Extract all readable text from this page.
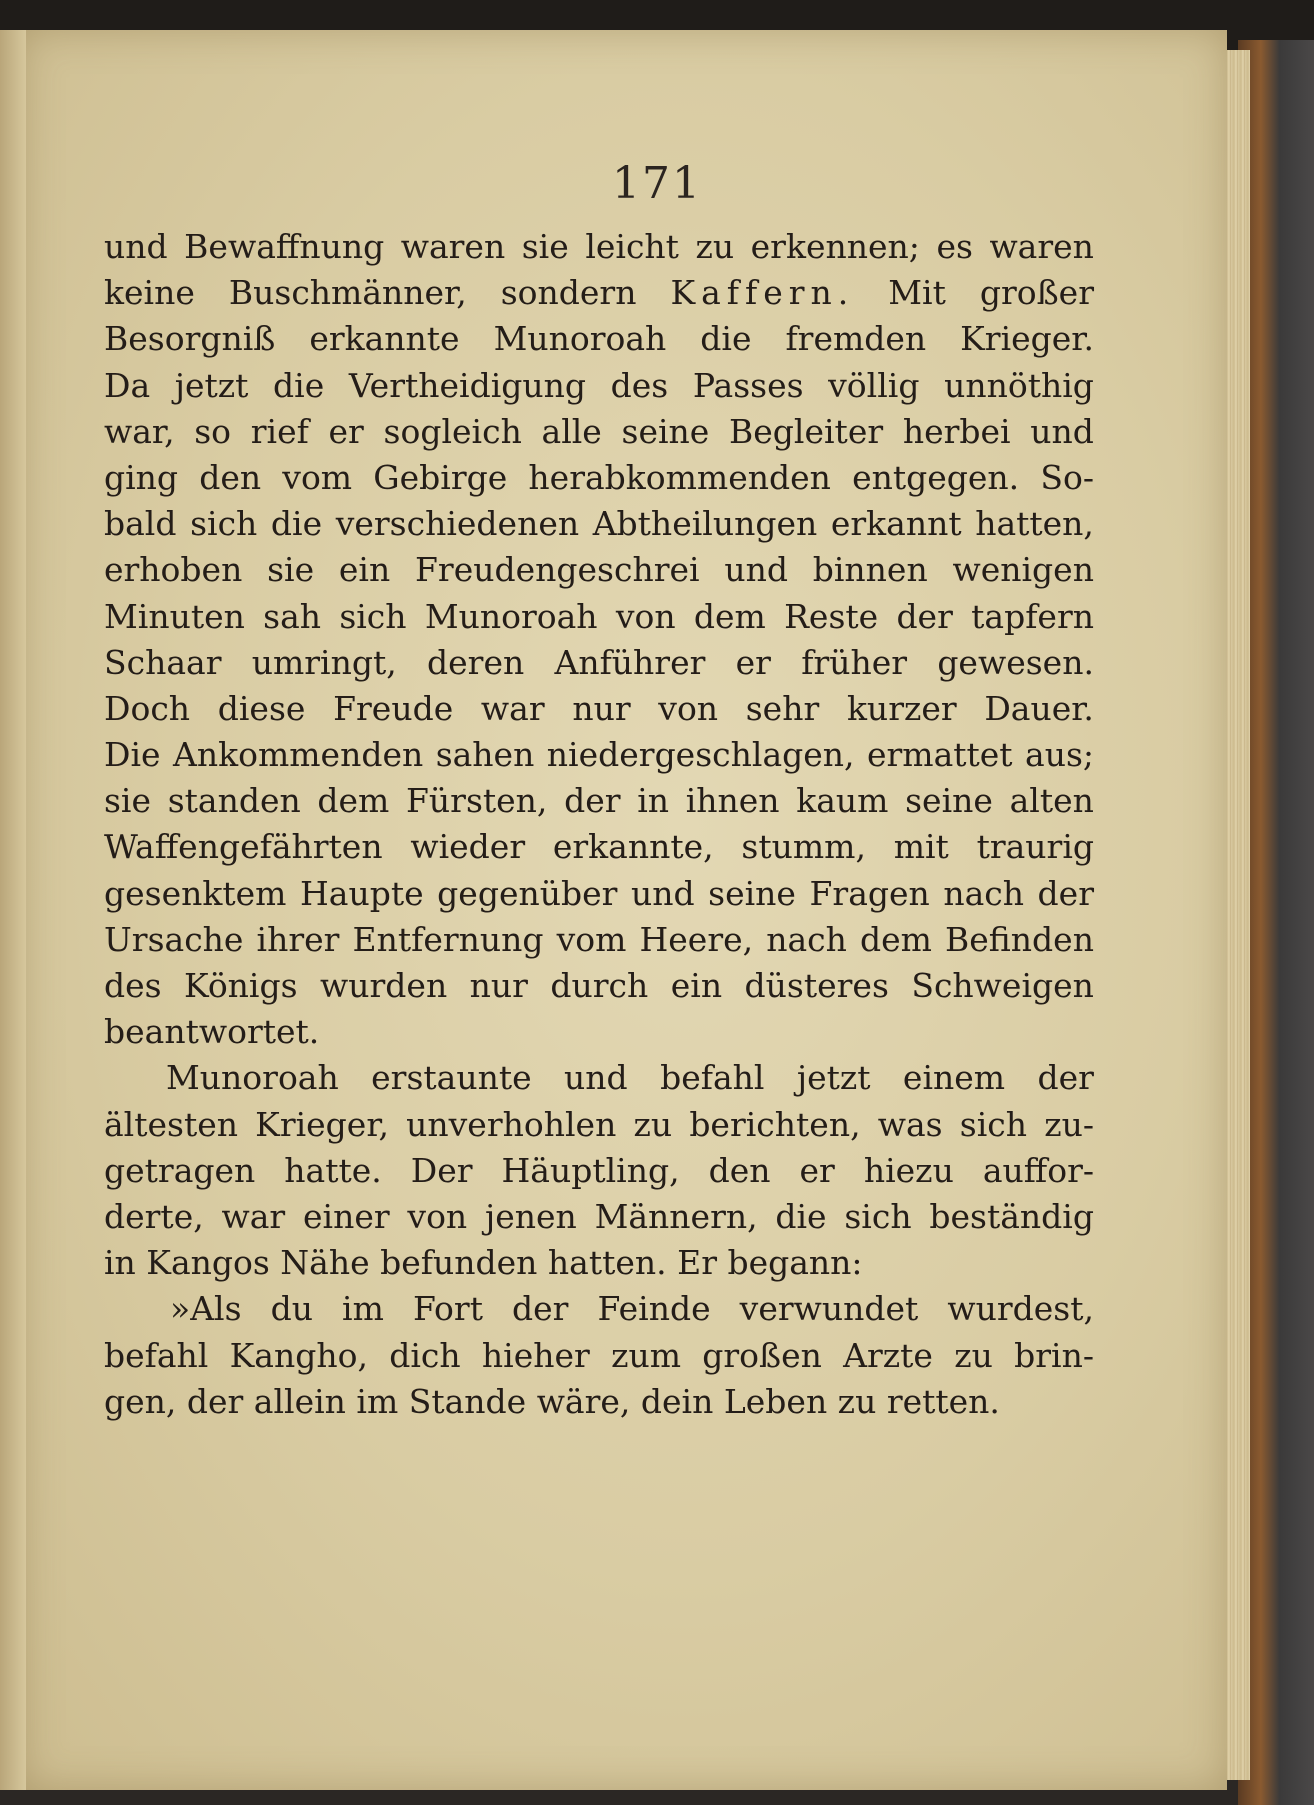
171
und Bewaffnung waren sie leicht zu erkennen; es waren
keine Buschmänner, sondern Kaffern. Mit großer
Besorgniß erkannte Munoroah die fremden Krieger.
Da jetzt die Vertheidigung des Passes völlig unnöthig
war, so rief er sogleich alle seine Begleiter herbei und
ging den vom Gebirge herabkommenden entgegen. So-
bald sich die verschiedenen Abtheilungen erkannt hatten,
erhoben sie ein Freudengeschrei und binnen wenigen
Minuten sah sich Munoroah von dem Reste der tapfern
Schaar umringt, deren Anführer er früher gewesen.
Doch diese Freude war nur von sehr kurzer Dauer.
Die Ankommenden sahen niedergeschlagen, ermattet aus;
sie standen dem Fürsten, der in ihnen kaum seine alten
Waffengefährten wieder erkannte, stumm, mit traurig
gesenktem Haupte gegenüber und seine Fragen nach der
Ursache ihrer Entfernung vom Heere, nach dem Befinden
des Königs wurden nur durch ein düsteres Schweigen
beantwortet.
Munoroah erstaunte und befahl jetzt einem der
ältesten Krieger, unverhohlen zu berichten, was sich zu-
getragen hatte. Der Häuptling, den er hiezu auffor-
derte, war einer von jenen Männern, die sich beständig
in Kangos Nähe befunden hatten. Er begann:
»Als du im Fort der Feinde verwundet wurdest,
befahl Kangho, dich hieher zum großen Arzte zu brin-
gen, der allein im Stande wäre, dein Leben zu retten.
